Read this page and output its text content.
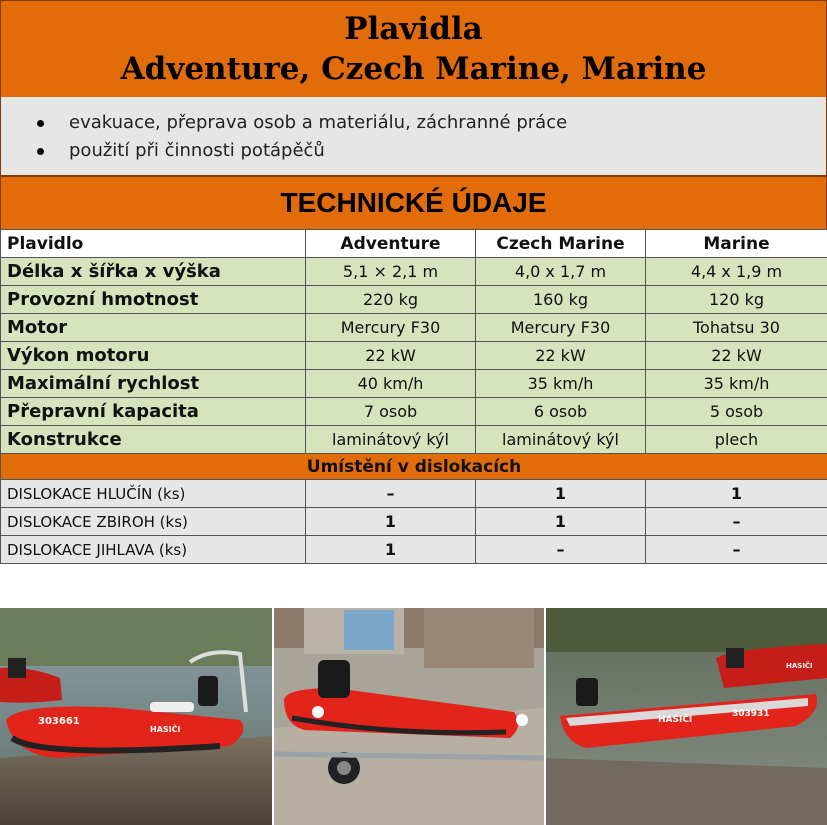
Plavidla
Adventure, Czech Marine, Marine
evakuace, přeprava osob a materiálu, záchranné práce
použití při činnosti potápěčů
TECHNICKÉ ÚDAJE
Plavidlo	Adventure	Czech Marine	Marine
Délka x šířka x výška	5,1 × 2,1 m	4,0 x 1,7 m	4,4 x 1,9 m
Provozní hmotnost	220 kg	160 kg	120 kg
Motor	Mercury F30	Mercury F30	Tohatsu 30
Výkon motoru	22 kW	22 kW	22 kW
Maximální rychlost	40 km/h	35 km/h	35 km/h
Přepravní kapacita	7 osob	6 osob	5 osob
Konstrukce	laminátový kýl	laminátový kýl	plech
Umístění v dislokacích			
DISLOKACE HLUČÍN (ks)	–	1	1
DISLOKACE ZBIROH (ks)	1	1	–
DISLOKACE JIHLAVA (ks)	1	–	–
303661
HASIČI
HASIČI
HASIČI
303931
